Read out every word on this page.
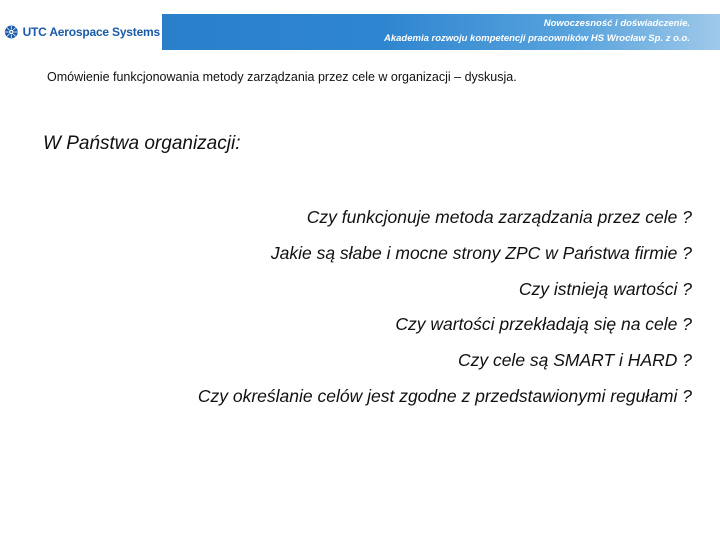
UTC Aerospace Systems
Nowoczesność i doświadczenie.
Akademia rozwoju kompetencji pracowników HS Wrocław Sp. z o.o.
Omówienie funkcjonowania metody zarządzania przez cele w organizacji – dyskusja.
W Państwa organizacji:
Czy funkcjonuje metoda zarządzania przez cele ?
Jakie są słabe i mocne strony ZPC w Państwa firmie ?
Czy istnieją wartości ?
Czy wartości przekładają się na cele ?
Czy cele są SMART i HARD ?
Czy określanie celów jest zgodne z przedstawionymi regułami ?
